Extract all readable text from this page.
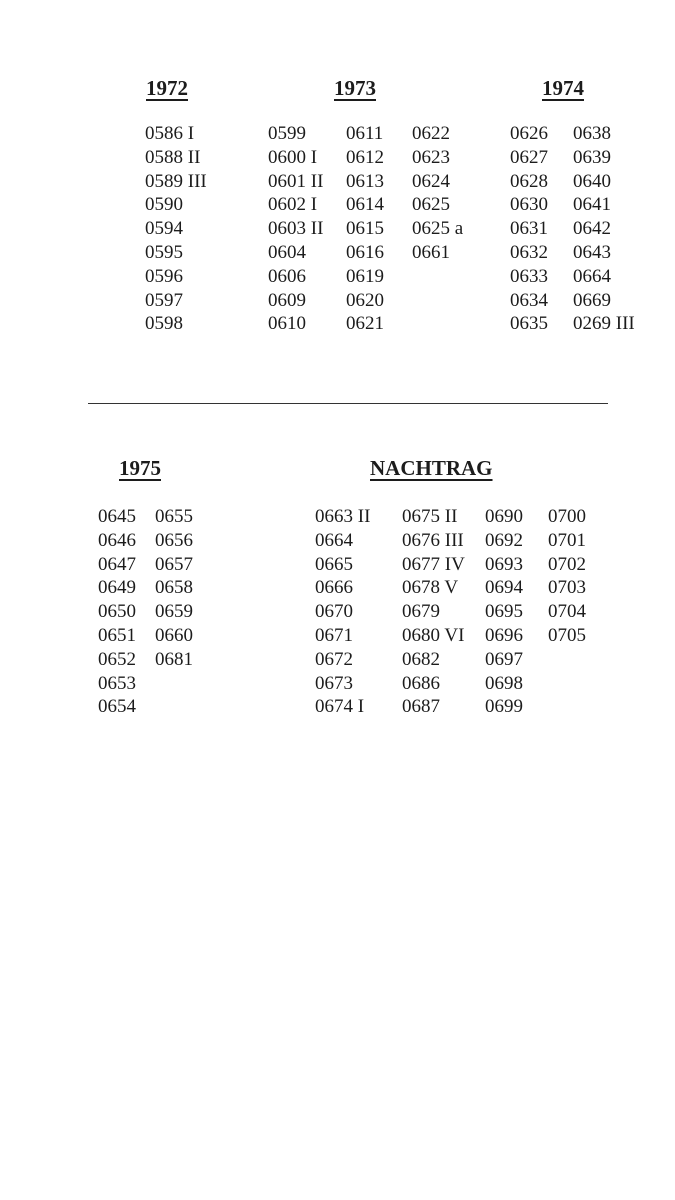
1972
0586 I
0588 II
0589 III
0590
0594
0595
0596
0597
0598
1973
0599
0600 I
0601 II
0602 I
0603 II
0604
0606
0609
0610
0611
0612
0613
0614
0615
0616
0619
0620
0621
0622
0623
0624
0625
0625 a
0661
1974
0626
0627
0628
0630
0631
0632
0633
0634
0635
0638
0639
0640
0641
0642
0643
0664
0669
0269 III
1975
0645
0646
0647
0649
0650
0651
0652
0653
0654
0655
0656
0657
0658
0659
0660
0681
NACHTRAG
0663 II
0664
0665
0666
0670
0671
0672
0673
0674 I
0675 II
0676 III
0677 IV
0678 V
0679
0680 VI
0682
0686
0687
0690
0692
0693
0694
0695
0696
0697
0698
0699
0700
0701
0702
0703
0704
0705
